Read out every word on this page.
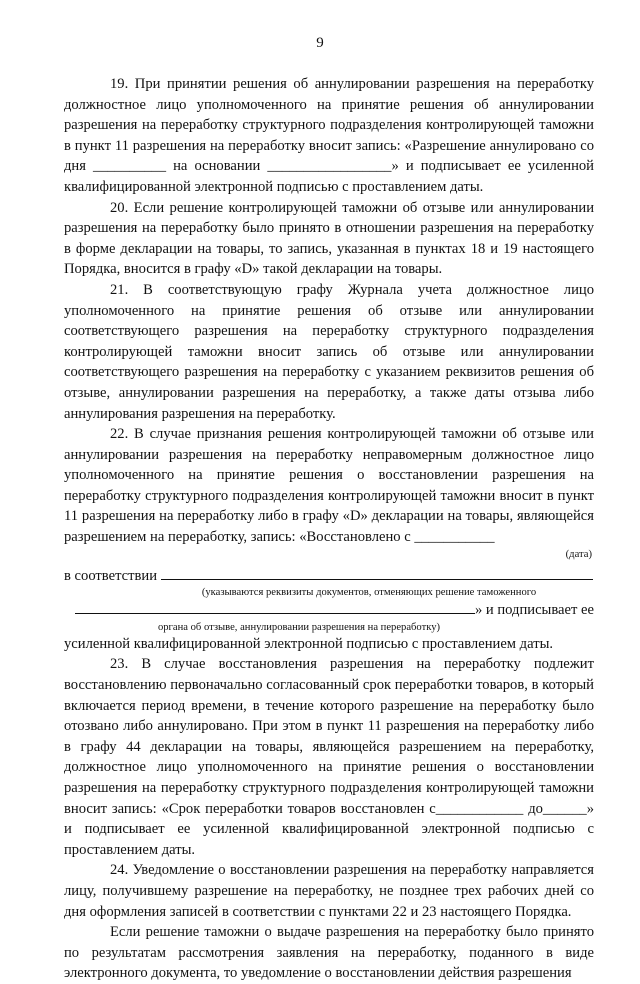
9

19. При принятии решения об аннулировании разрешения на переработку должностное лицо уполномоченного на принятие решения об аннулировании разрешения на переработку структурного подразделения контролирующей таможни в пункт 11 разрешения на переработку вносит запись: «Разрешение аннулировано со дня __________ на основании _________________» и подписывает ее усиленной квалифицированной электронной подписью с проставлением даты.

20. Если решение контролирующей таможни об отзыве или аннулировании разрешения на переработку было принято в отношении разрешения на переработку в форме декларации на товары, то запись, указанная в пунктах 18 и 19 настоящего Порядка, вносится в графу «D» такой декларации на товары.

21. В соответствующую графу Журнала учета должностное лицо уполномоченного на принятие решения об отзыве или аннулировании соответствующего разрешения на переработку структурного подразделения контролирующей таможни вносит запись об отзыве или аннулировании соответствующего разрешения на переработку с указанием реквизитов решения об отзыве, аннулировании разрешения на переработку, а также даты отзыва либо аннулирования разрешения на переработку.

22. В случае признания решения контролирующей таможни об отзыве или аннулировании разрешения на переработку неправомерным должностное лицо уполномоченного на принятие решения о восстановлении разрешения на переработку структурного подразделения контролирующей таможни вносит в пункт 11 разрешения на переработку либо в графу «D» декларации на товары, являющейся разрешением на переработку, запись: «Восстановлено с ___________

(дата)
в соответствии
(указываются реквизиты документов, отменяющих решение таможенного
» и подписывает ее
органа об отзыве, аннулировании разрешения на переработку)

усиленной квалифицированной электронной подписью с проставлением даты.

23. В случае восстановления разрешения на переработку подлежит восстановлению первоначально согласованный срок переработки товаров, в который включается период времени, в течение которого разрешение на переработку было отозвано либо аннулировано. При этом в пункт 11 разрешения на переработку либо в графу 44 декларации на товары, являющейся разрешением на переработку, должностное лицо уполномоченного на принятие решения о восстановлении разрешения на переработку структурного подразделения контролирующей таможни вносит запись: «Срок переработки товаров восстановлен с____________ до______» и подписывает ее усиленной квалифицированной электронной подписью с проставлением даты.

24. Уведомление о восстановлении разрешения на переработку направляется лицу, получившему разрешение на переработку, не позднее трех рабочих дней со дня оформления записей в соответствии с пунктами 22 и 23 настоящего Порядка.

Если решение таможни о выдаче разрешения на переработку было принято по результатам рассмотрения заявления на переработку, поданного в виде электронного документа, то уведомление о восстановлении действия разрешения
